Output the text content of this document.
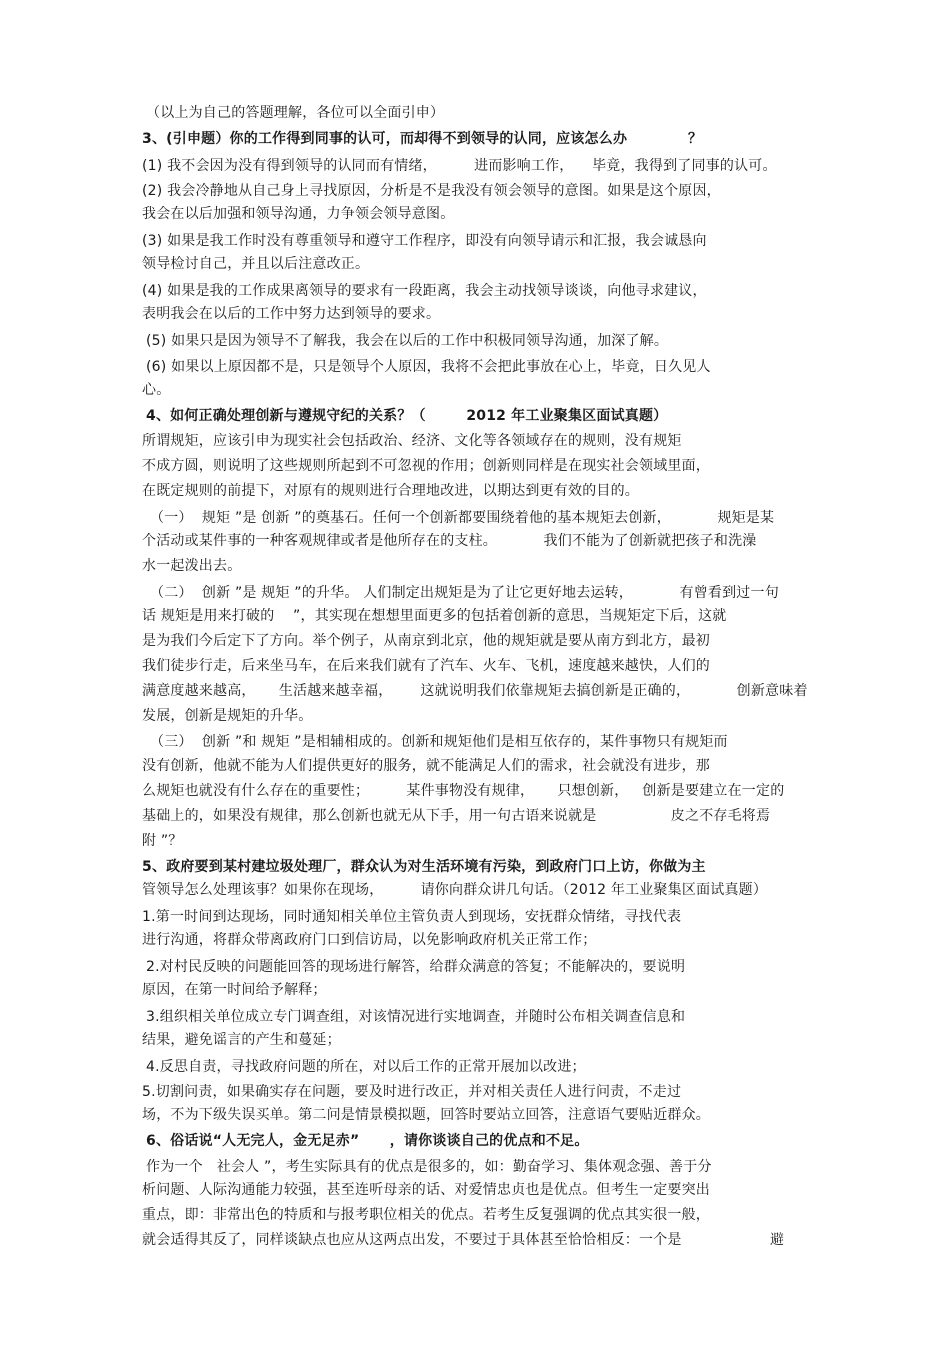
（以上为自己的答题理解，各位可以全面引申）
3、(引申题）你的工作得到同事的认可，而却得不到领导的认同，应该怎么办            ？
(1) 我不会因为没有得到领导的认同而有情绪，        进而影响工作，    毕竟，我得到了同事的认可。
(2) 我会冷静地从自己身上寻找原因，分析是不是我没有领会领导的意图。如果是这个原因，
我会在以后加强和领导沟通，力争领会领导意图。
(3) 如果是我工作时没有尊重领导和遵守工作程序，即没有向领导请示和汇报，我会诚恳向
领导检讨自己，并且以后注意改正。
(4) 如果是我的工作成果离领导的要求有一段距离，我会主动找领导谈谈，向他寻求建议，
表明我会在以后的工作中努力达到领导的要求。
(5) 如果只是因为领导不了解我，我会在以后的工作中积极同领导沟通，加深了解。
(6) 如果以上原因都不是，只是领导个人原因，我将不会把此事放在心上，毕竟，日久见人
心。
4、如何正确处理创新与遵规守纪的关系？（        2012 年工业聚集区面试真题）
所谓规矩，应该引申为现实社会包括政治、经济、文化等各领域存在的规则，没有规矩
不成方圆，则说明了这些规则所起到不可忽视的作用；创新则同样是在现实社会领域里面，
在既定规则的前提下，对原有的规则进行合理地改进，以期达到更有效的目的。
（一）  规矩 ”是 创新 ”的奠基石。任何一个创新都要围绕着他的基本规矩去创新，          规矩是某
个活动或某件事的一种客观规律或者是他所存在的支柱。          我们不能为了创新就把孩子和洗澡
水一起泼出去。
（二）  创新 ”是 规矩 ”的升华。 人们制定出规矩是为了让它更好地去运转，          有曾看到过一句
话 规矩是用来打破的    ”，其实现在想想里面更多的包括着创新的意思，当规矩定下后，这就
是为我们今后定下了方向。举个例子，从南京到北京，他的规矩就是要从南方到北方，最初
我们徒步行走，后来坐马车，在后来我们就有了汽车、火车、飞机，速度越来越快，人们的
满意度越来越高，     生活越来越幸福，      这就说明我们依靠规矩去搞创新是正确的，          创新意味着
发展，创新是规矩的升华。
（三）  创新 ”和 规矩 ”是相辅相成的。创新和规矩他们是相互依存的，某件事物只有规矩而
没有创新，他就不能为人们提供更好的服务，就不能满足人们的需求，社会就没有进步，那
么规矩也就没有什么存在的重要性；        某件事物没有规律，     只想创新，   创新是要建立在一定的
基础上的，如果没有规律，那么创新也就无从下手，用一句古语来说就是                皮之不存毛将焉
附 ”？
5、政府要到某村建垃圾处理厂，群众认为对生活环境有污染，到政府门口上访，你做为主
管领导怎么处理该事？如果你在现场，        请你向群众讲几句话。（2012 年工业聚集区面试真题）
1.第一时间到达现场，同时通知相关单位主管负责人到现场，安抚群众情绪，寻找代表
进行沟通，将群众带离政府门口到信访局，以免影响政府机关正常工作；
2.对村民反映的问题能回答的现场进行解答，给群众满意的答复；不能解决的，要说明
原因，在第一时间给予解释；
3.组织相关单位成立专门调查组，对该情况进行实地调查，并随时公布相关调查信息和
结果，避免谣言的产生和蔓延；
4.反思自责，寻找政府问题的所在，对以后工作的正常开展加以改进；
5.切割问责，如果确实存在问题，要及时进行改正，并对相关责任人进行问责，不走过
场，不为下级失误买单。第二问是情景模拟题，回答时要站立回答，注意语气要贴近群众。
6、俗话说“人无完人，金无足赤”      ，请你谈谈自己的优点和不足。
作为一个   社会人 ”，考生实际具有的优点是很多的，如：勤奋学习、集体观念强、善于分
析问题、人际沟通能力较强，甚至连听母亲的话、对爱情忠贞也是优点。但考生一定要突出
重点，即：非常出色的特质和与报考职位相关的优点。若考生反复强调的优点其实很一般，
就会适得其反了，同样谈缺点也应从这两点出发，不要过于具体甚至恰恰相反：一个是                   避
